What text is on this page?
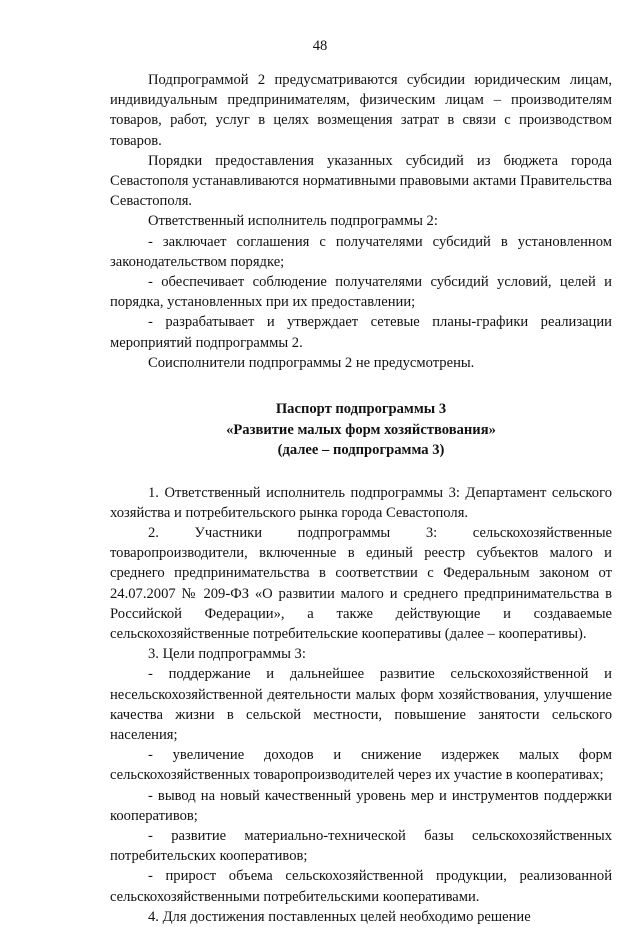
48

Подпрограммой 2 предусматриваются субсидии юридическим лицам, индивидуальным предпринимателям, физическим лицам – производителям товаров, работ, услуг в целях возмещения затрат в связи с производством товаров.

Порядки предоставления указанных субсидий из бюджета города Севастополя устанавливаются нормативными правовыми актами Правительства Севастополя.

Ответственный исполнитель подпрограммы 2:

- заключает соглашения с получателями субсидий в установленном законодательством порядке;

- обеспечивает соблюдение получателями субсидий условий, целей и порядка, установленных при их предоставлении;

- разрабатывает и утверждает сетевые планы-графики реализации мероприятий подпрограммы 2.

Соисполнители подпрограммы 2 не предусмотрены.

Паспорт подпрограммы 3
«Развитие малых форм хозяйствования»
(далее – подпрограмма 3)

1. Ответственный исполнитель подпрограммы 3: Департамент сельского хозяйства и потребительского рынка города Севастополя.

2. Участники подпрограммы 3: сельскохозяйственные товаропроизводители, включенные в единый реестр субъектов малого и среднего предпринимательства в соответствии с Федеральным законом от 24.07.2007 № 209-ФЗ «О развитии малого и среднего предпринимательства в Российской Федерации», а также действующие и создаваемые сельскохозяйственные потребительские кооперативы (далее – кооперативы).

3. Цели подпрограммы 3:

- поддержание и дальнейшее развитие сельскохозяйственной и несельскохозяйственной деятельности малых форм хозяйствования, улучшение качества жизни в сельской местности, повышение занятости сельского населения;

- увеличение доходов и снижение издержек малых форм сельскохозяйственных товаропроизводителей через их участие в кооперативах;

- вывод на новый качественный уровень мер и инструментов поддержки кооперативов;

- развитие материально-технической базы сельскохозяйственных потребительских кооперативов;

- прирост объема сельскохозяйственной продукции, реализованной сельскохозяйственными потребительскими кооперативами.

4. Для достижения поставленных целей необходимо решение
